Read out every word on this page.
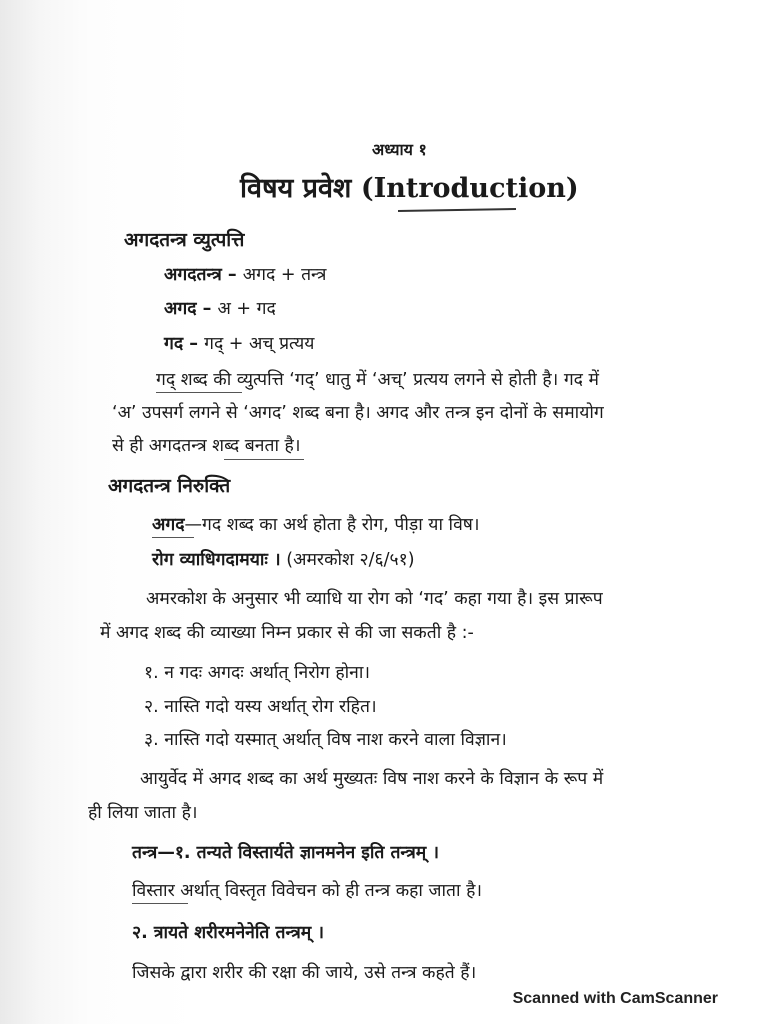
अध्याय १
विषय प्रवेश (Introduction)
अगदतन्त्र व्युत्पत्ति
अगदतन्त्र – अगद + तन्त्र
अगद – अ + गद
गद – गद् + अच् प्रत्यय
गद् शब्द की व्युत्पत्ति ‘गद्’ धातु में ‘अच्’ प्रत्यय लगने से होती है। गद में
‘अ’ उपसर्ग लगने से ‘अगद’ शब्द बना है। अगद और तन्त्र इन दोनों के समायोग
से ही अगदतन्त्र शब्द बनता है।
अगदतन्त्र निरुक्ति
अगद—गद शब्द का अर्थ होता है रोग, पीड़ा या विष।
रोग व्याधिगदामयाः । (अमरकोश २/६/५१)
अमरकोश के अनुसार भी व्याधि या रोग को ‘गद’ कहा गया है। इस प्रारूप
में अगद शब्द की व्याख्या निम्न प्रकार से की जा सकती है :-
१. न गदः अगदः अर्थात् निरोग होना।
२. नास्ति गदो यस्य अर्थात् रोग रहित।
३. नास्ति गदो यस्मात् अर्थात् विष नाश करने वाला विज्ञान।
आयुर्वेद में अगद शब्द का अर्थ मुख्यतः विष नाश करने के विज्ञान के रूप में
ही लिया जाता है।
तन्त्र—१. तन्यते विस्तार्यते ज्ञानमनेन इति तन्त्रम् ।
विस्तार अर्थात् विस्तृत विवेचन को ही तन्त्र कहा जाता है।
२. त्रायते शरीरमनेनेति तन्त्रम् ।
जिसके द्वारा शरीर की रक्षा की जाये, उसे तन्त्र कहते हैं।
Scanned with CamScanner
